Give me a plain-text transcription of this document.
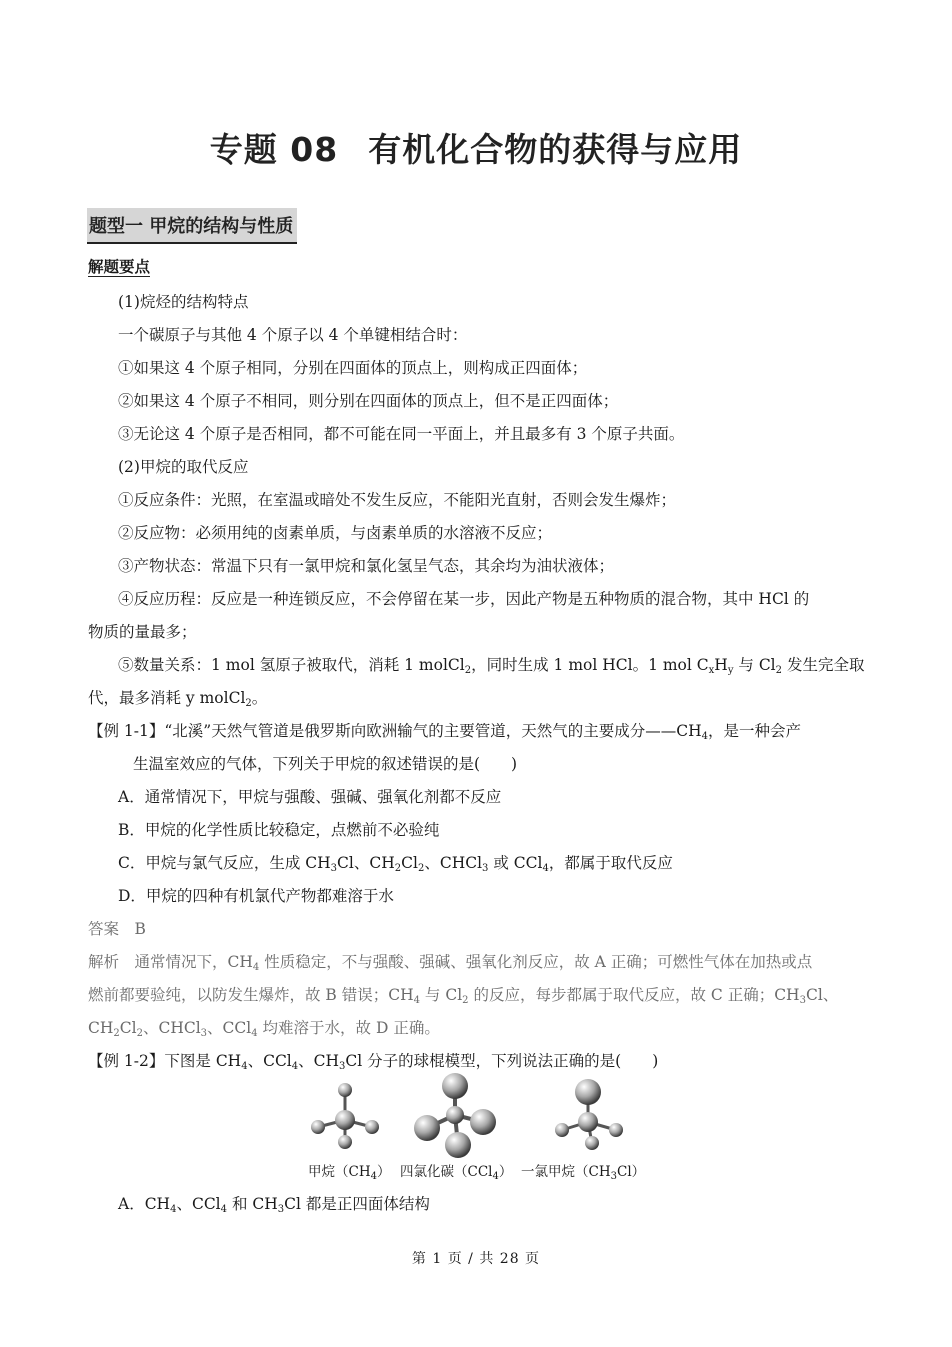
专题 08 有机化合物的获得与应用
题型一 甲烷的结构与性质
解题要点
(1)烷烃的结构特点
一个碳原子与其他 4 个原子以 4 个单键相结合时：
①如果这 4 个原子相同，分别在四面体的顶点上，则构成正四面体；
②如果这 4 个原子不相同，则分别在四面体的顶点上，但不是正四面体；
③无论这 4 个原子是否相同，都不可能在同一平面上，并且最多有 3 个原子共面。
(2)甲烷的取代反应
①反应条件：光照，在室温或暗处不发生反应，不能阳光直射，否则会发生爆炸；
②反应物：必须用纯的卤素单质，与卤素单质的水溶液不反应；
③产物状态：常温下只有一氯甲烷和氯化氢呈气态，其余均为油状液体；
④反应历程：反应是一种连锁反应，不会停留在某一步，因此产物是五种物质的混合物，其中 HCl 的
物质的量最多；
⑤数量关系：1 mol 氢原子被取代，消耗 1 molCl$_2$，同时生成 1 mol HCl。1 mol $C_xH_y$ 与 $Cl_2$ 发生完全取
代，最多消耗 y molCl$_2$。
【例 1-1】“北溪”天然气管道是俄罗斯向欧洲输气的主要管道，天然气的主要成分$——CH_4$，是一种会产
生温室效应的气体，下列关于甲烷的叙述错误的是(　　)
A．通常情况下，甲烷与强酸、强碱、强氧化剂都不反应
B．甲烷的化学性质比较稳定，点燃前不必验纯
C．甲烷与氯气反应，生成 $CH_3Cl$、$CH_2Cl_2$、CHCl$_3$ 或 CCl$_4$，都属于取代反应
D．甲烷的四种有机氯代产物都难溶于水
答案　B
解析　通常情况下，$CH_4$ 性质稳定，不与强酸、强碱、强氧化剂反应，故 A 正确；可燃性气体在加热或点
燃前都要验纯，以防发生爆炸，故 B 错误；$CH_4$ 与 $Cl_2$ 的反应，每步都属于取代反应，故 C 正确；$CH_3Cl$、
$CH_2Cl_2$、CHCl$_3$、CCl$_4$ 均难溶于水，故 D 正确。
【例 1-2】下图是 $CH_4$、CCl$_4$、$CH_3Cl$ 分子的球棍模型，下列说法正确的是(　　)
甲烷$(CH_4)$ 四氯化碳（CCl$_4$） 一氯甲烷$(CH_3Cl)$
A．$CH_4$、CCl$_4$ 和 $CH_3Cl$ 都是正四面体结构
第 1 页 / 共 28 页
